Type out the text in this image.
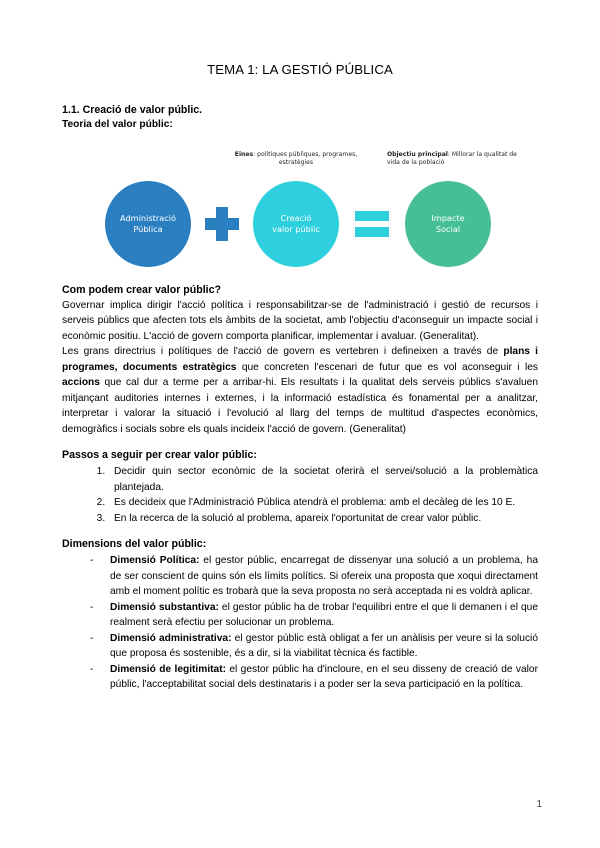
TEMA 1: LA GESTIÓ PÚBLICA
1.1. Creació de valor públic.
Teoria del valor públic:
Eines: polítiques públiques, programes, estratègies
Objectiu principal: Millorar la qualitat de vida de la població
Administració
Pública
Creació
valor públic
Impacte
Social
Com podem crear valor públic?

Governar implica dirigir l'acció política i responsabilitzar-se de l'administració i gestió de recursos i serveis públics que afecten tots els àmbits de la societat, amb l'objectiu d'aconseguir un impacte social i econòmic positiu. L'acció de govern comporta planificar, implementar i avaluar. (Generalitat).

Les grans directrius i polítiques de l'acció de govern es vertebren i defineixen a través de plans i programes, documents estratègics que concreten l'escenari de futur que es vol aconseguir i les accions que cal dur a terme per a arribar-hi. Els resultats i la qualitat dels serveis públics s'avaluen mitjançant auditories internes i externes, i la informació estadística és fonamental per a analitzar, interpretar i valorar la situació i l'evolució al llarg del temps de multitud d'aspectes econòmics, demogràfics i socials sobre els quals incideix l'acció de govern. (Generalitat)

Passos a seguir per crear valor públic:
1. Decidir quin sector econòmic de la societat oferirà el servei/solució a la problemàtica plantejada.
2. Es decideix que l'Administració Pública atendrà el problema: amb el decàleg de les 10 E.
3. En la recerca de la solució al problema, apareix l'oportunitat de crear valor públic.
Dimensions del valor públic:
- Dimensió Política: el gestor públic, encarregat de dissenyar una solució a un problema, ha de ser conscient de quins són els límits polítics. Si ofereix una proposta que xoqui directament amb el moment polític es trobarà que la seva proposta no serà acceptada ni es voldrà aplicar.
- Dimensió substantiva: el gestor públic ha de trobar l'equilibri entre el que li demanen i el que realment serà efectiu per solucionar un problema.
- Dimensió administrativa: el gestor públic està obligat a fer un anàlisis per veure si la solució que proposa és sostenible, és a dir, si la viabilitat tècnica és factible.
- Dimensió de legitimitat: el gestor públic ha d'incloure, en el seu disseny de creació de valor públic, l'acceptabilitat social dels destinataris i a poder ser la seva participació en la política.
1
